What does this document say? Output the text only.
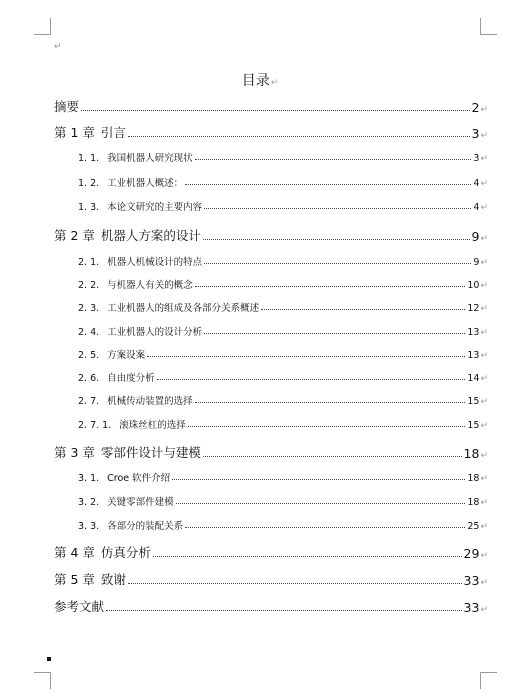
↵
目录↵
摘要	2 ↵
第 1 章 引言	3 ↵
1. 1. 我国机器人研究现状	3 ↵
1. 2. 工业机器人概述：	4 ↵
1. 3. 本论文研究的主要内容	4 ↵
第 2 章 机器人方案的设计	9 ↵
2. 1. 机器人机械设计的特点	9 ↵
2. 2. 与机器人有关的概念	10 ↵
2. 3. 工业机器人的组成及各部分关系概述	12 ↵
2. 4. 工业机器人的设计分析	13 ↵
2. 5. 方案设案	13 ↵
2. 6. 自由度分析	14 ↵
2. 7. 机械传动装置的选择	15 ↵
2. 7. 1. 滚珠丝杠的选择	15 ↵
第 3 章 零部件设计与建模	18 ↵
3. 1. Croe 软件介绍	18 ↵
3. 2. 关键零部件建模	18 ↵
3. 3. 各部分的装配关系	25 ↵
第 4 章 仿真分析	29 ↵
第 5 章 致谢	33 ↵
参考文献	33 ↵
